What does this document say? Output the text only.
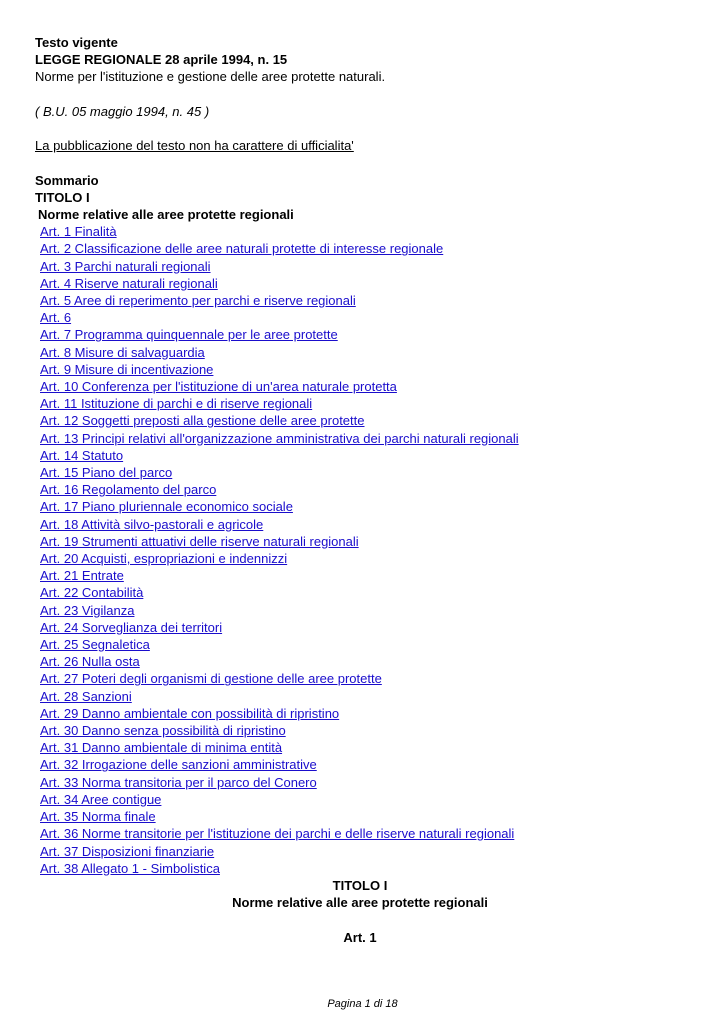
Testo vigente
LEGGE REGIONALE 28 aprile 1994, n. 15
Norme per l'istituzione e gestione delle aree protette naturali.
( B.U. 05 maggio 1994, n. 45 )
La pubblicazione del testo non ha carattere di ufficialita'
Sommario
TITOLO I
Norme relative alle aree protette regionali
Art. 1 Finalità
Art. 2 Classificazione delle aree naturali protette di interesse regionale
Art. 3 Parchi naturali regionali
Art. 4 Riserve naturali regionali
Art. 5 Aree di reperimento per parchi e riserve regionali
Art. 6
Art. 7 Programma quinquennale per le aree protette
Art. 8 Misure di salvaguardia
Art. 9 Misure di incentivazione
Art. 10 Conferenza per l'istituzione di un'area naturale protetta
Art. 11 Istituzione di parchi e di riserve regionali
Art. 12 Soggetti preposti alla gestione delle aree protette
Art. 13 Principi relativi all'organizzazione amministrativa dei parchi naturali regionali
Art. 14 Statuto
Art. 15 Piano del parco
Art. 16 Regolamento del parco
Art. 17 Piano pluriennale economico sociale
Art. 18 Attività silvo-pastorali e agricole
Art. 19 Strumenti attuativi delle riserve naturali regionali
Art. 20 Acquisti, espropriazioni e indennizzi
Art. 21 Entrate
Art. 22 Contabilità
Art. 23 Vigilanza
Art. 24 Sorveglianza dei territori
Art. 25 Segnaletica
Art. 26 Nulla osta
Art. 27 Poteri degli organismi di gestione delle aree protette
Art. 28 Sanzioni
Art. 29 Danno ambientale con possibilità di ripristino
Art. 30 Danno senza possibilità di ripristino
Art. 31 Danno ambientale di minima entità
Art. 32 Irrogazione delle sanzioni amministrative
Art. 33 Norma transitoria per il parco del Conero
Art. 34 Aree contigue
Art. 35 Norma finale
Art. 36 Norme transitorie per l'istituzione dei parchi e delle riserve naturali regionali
Art. 37 Disposizioni finanziarie
Art. 38 Allegato 1 - Simbolistica
TITOLO I
Norme relative alle aree protette regionali
Art. 1
Pagina 1 di 18
